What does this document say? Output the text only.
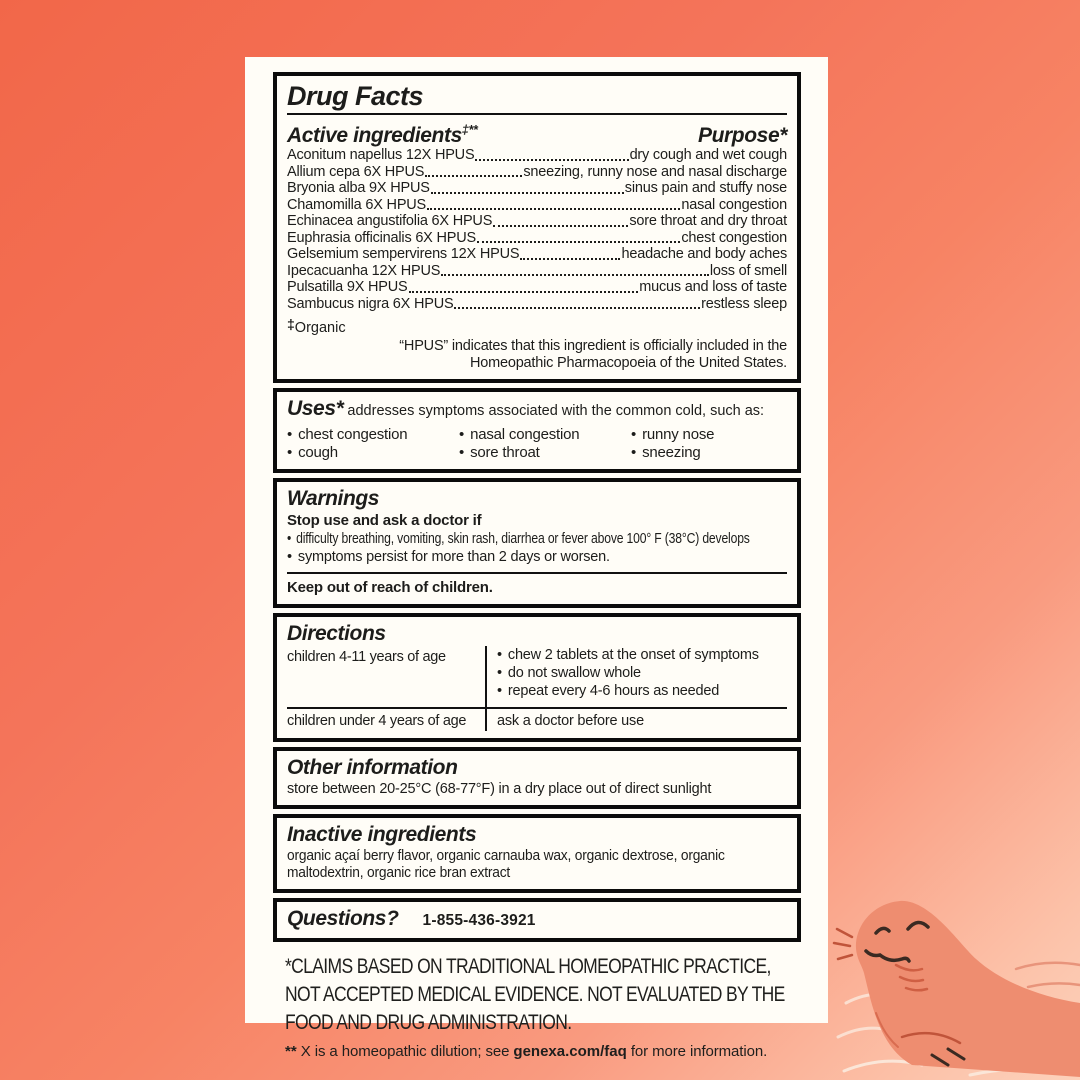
Drug Facts
Active ingredients‡**	Purpose*
Aconitum napellus 12X HPUS	dry cough and wet cough
Allium cepa 6X HPUS	sneezing, runny nose and nasal discharge
Bryonia alba 9X HPUS	sinus pain and stuffy nose
Chamomilla 6X HPUS	nasal congestion
Echinacea angustifolia 6X HPUS	sore throat and dry throat
Euphrasia officinalis 6X HPUS	chest congestion
Gelsemium sempervirens 12X HPUS	headache and body aches
Ipecacuanha 12X HPUS	loss of smell
Pulsatilla 9X HPUS	mucus and loss of taste
Sambucus nigra 6X HPUS	restless sleep
‡Organic
“HPUS” indicates that this ingredient is officially included in the
Homeopathic Pharmacopoeia of the United States.
Uses* addresses symptoms associated with the common cold, such as:
• chest congestion
• cough
• nasal congestion
• sore throat
• runny nose
• sneezing
Warnings
Stop use and ask a doctor if
• difficulty breathing, vomiting, skin rash, diarrhea or fever above 100° F (38°C) develops
• symptoms persist for more than 2 days or worsen.
Keep out of reach of children.
Directions
children 4-11 years of age	• chew 2 tablets at the onset of symptoms
• do not swallow whole
• repeat every 4-6 hours as needed
children under 4 years of age	ask a doctor before use
Other information
store between 20-25°C (68-77°F) in a dry place out of direct sunlight
Inactive ingredients
organic açaí berry flavor, organic carnauba wax, organic dextrose, organic maltodextrin, organic rice bran extract
Questions? 1-855-436-3921
*CLAIMS BASED ON TRADITIONAL HOMEOPATHIC PRACTICE, NOT ACCEPTED MEDICAL EVIDENCE. NOT EVALUATED BY THE FOOD AND DRUG ADMINISTRATION.
** X is a homeopathic dilution; see genexa.com/faq for more information.
